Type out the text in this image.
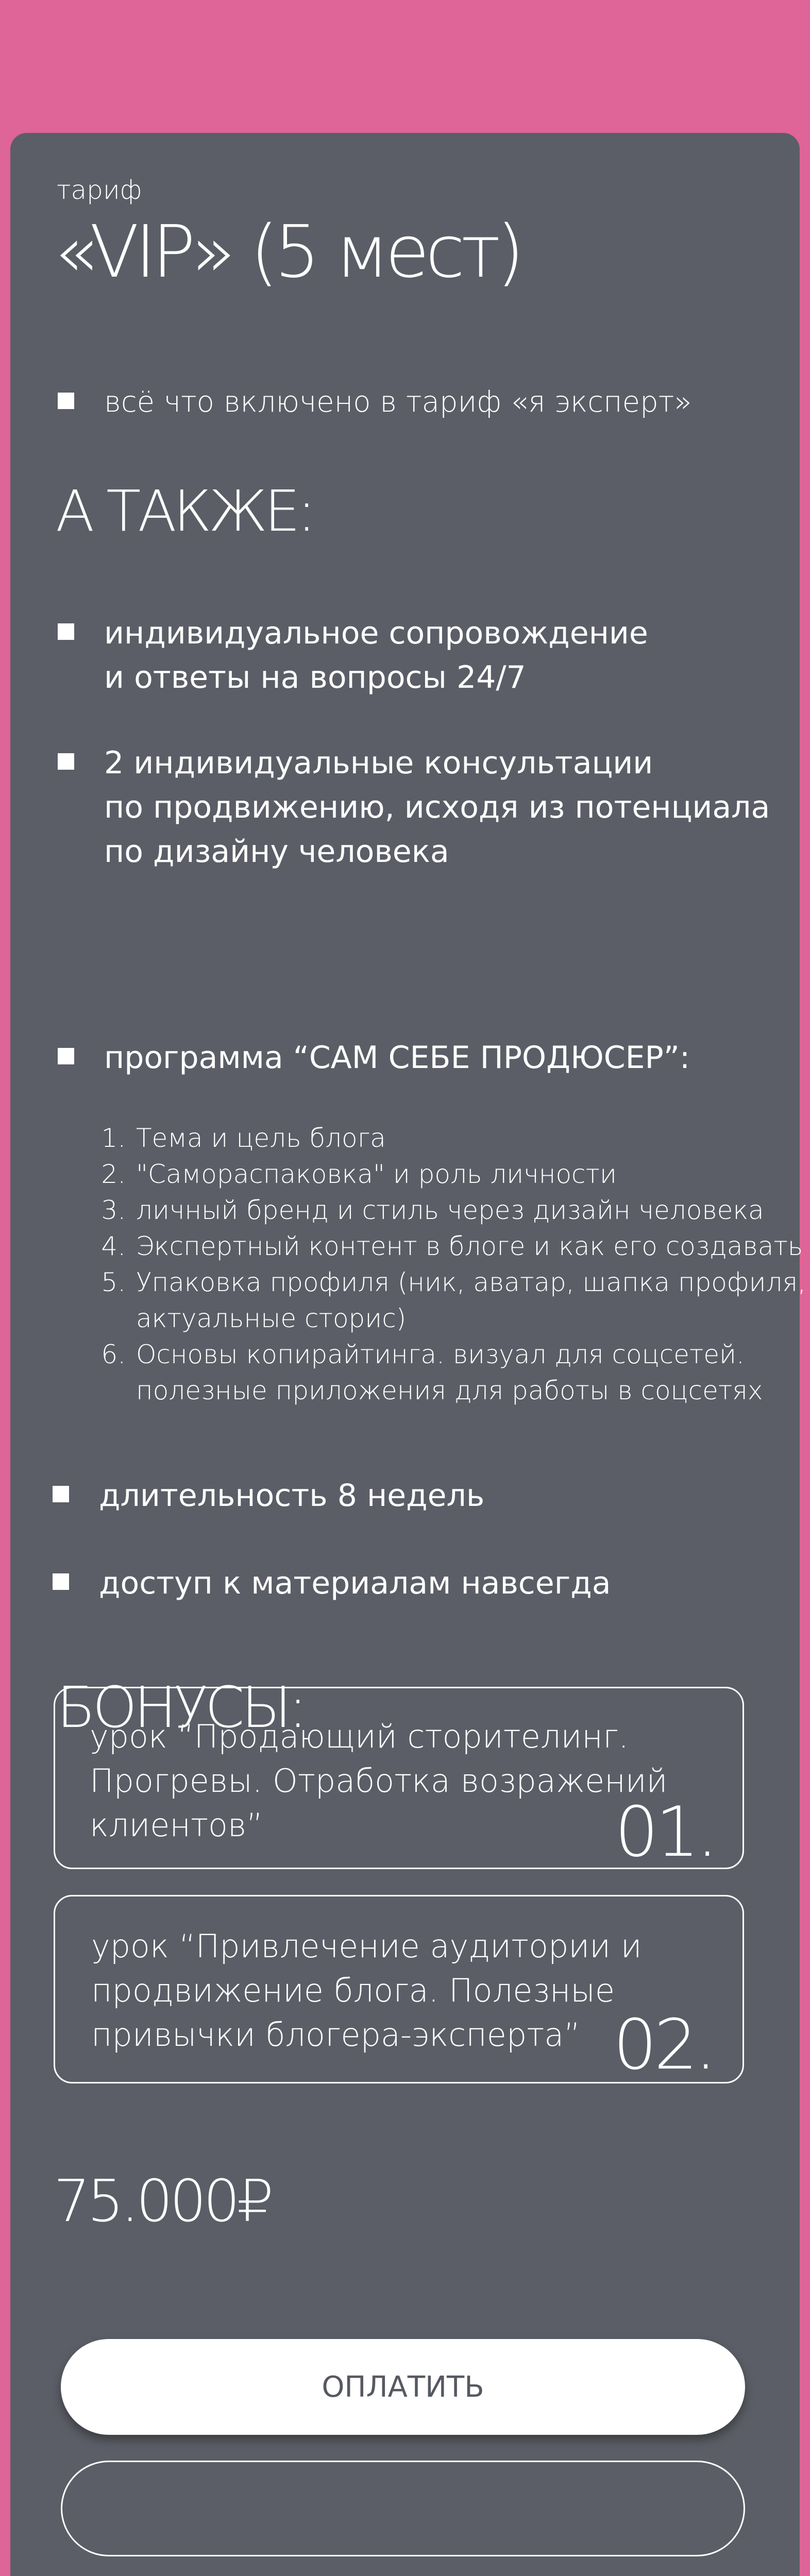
тариф
«VIP» (5 мест)
всё что включено в тариф «я эксперт»
А ТАКЖЕ:
индивидуальное сопровождение
и ответы на вопросы 24/7
2 индивидуальные консультации
по продвижению, исходя из потенциала
по дизайну человека
программа “САМ СЕБЕ ПРОДЮСЕР”:
1. Тема и цель блога
2. "Самораспаковка" и роль личности
3. личный бренд и стиль через дизайн человека
4. Экспертный контент в блоге и как его создавать
5. Упаковка профиля (ник, аватар, шапка профиля, актуальные сторис)
6. Основы копирайтинга. визуал для соцсетей. полезные приложения для работы в соцсетях
длительность 8 недель
доступ к материалам навсегда
БОНУСЫ:
урок “Продающий сторителинг.
Прогревы. Отработка возражений
клиентов”	01.
урок “Привлечение аудитории и
продвижение блога. Полезные
привычки блогера-эксперта” 02.
75.000₽
ОПЛАТИТЬ
